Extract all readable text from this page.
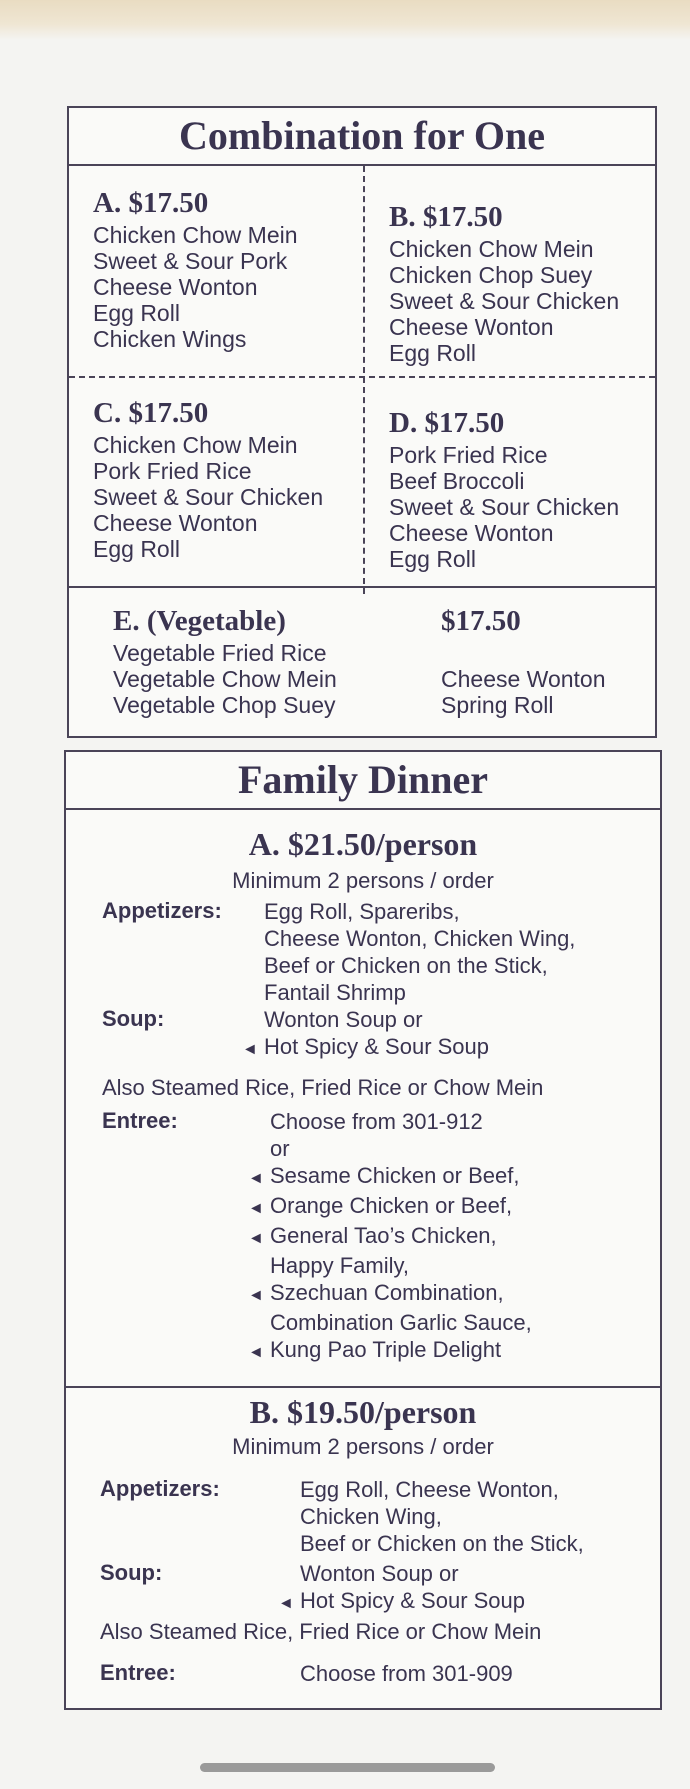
Combination for One
A. $17.50
Chicken Chow Mein
Sweet & Sour Pork
Cheese Wonton
Egg Roll
Chicken Wings
B. $17.50
Chicken Chow Mein
Chicken Chop Suey
Sweet & Sour Chicken
Cheese Wonton
Egg Roll
C. $17.50
Chicken Chow Mein
Pork Fried Rice
Sweet & Sour Chicken
Cheese Wonton
Egg Roll
D. $17.50
Pork Fried Rice
Beef Broccoli
Sweet & Sour Chicken
Cheese Wonton
Egg Roll
E. (Vegetable)
Vegetable Fried Rice
Vegetable Chow Mein
Vegetable Chop Suey
$17.50
Cheese Wonton
Spring Roll
Family Dinner
A. $21.50/person
Minimum 2 persons / order
Appetizers: Egg Roll, Spareribs,
Cheese Wonton, Chicken Wing,
Beef or Chicken on the Stick,
Fantail Shrimp
Soup:	Wonton Soup or
◄ Hot Spicy & Sour Soup
Also Steamed Rice, Fried Rice or Chow Mein
Entree:	Choose from 301-912
or
◄ Sesame Chicken or Beef,
◄ Orange Chicken or Beef,
◄ General Tao’s Chicken,
Happy Family,
◄ Szechuan Combination,
Combination Garlic Sauce,
◄ Kung Pao Triple Delight
B. $19.50/person
Minimum 2 persons / order
Appetizers:	Egg Roll, Cheese Wonton,
Chicken Wing,
Beef or Chicken on the Stick,
Soup:	Wonton Soup or
◄ Hot Spicy & Sour Soup
Also Steamed Rice, Fried Rice or Chow Mein
Entree:	Choose from 301-909
